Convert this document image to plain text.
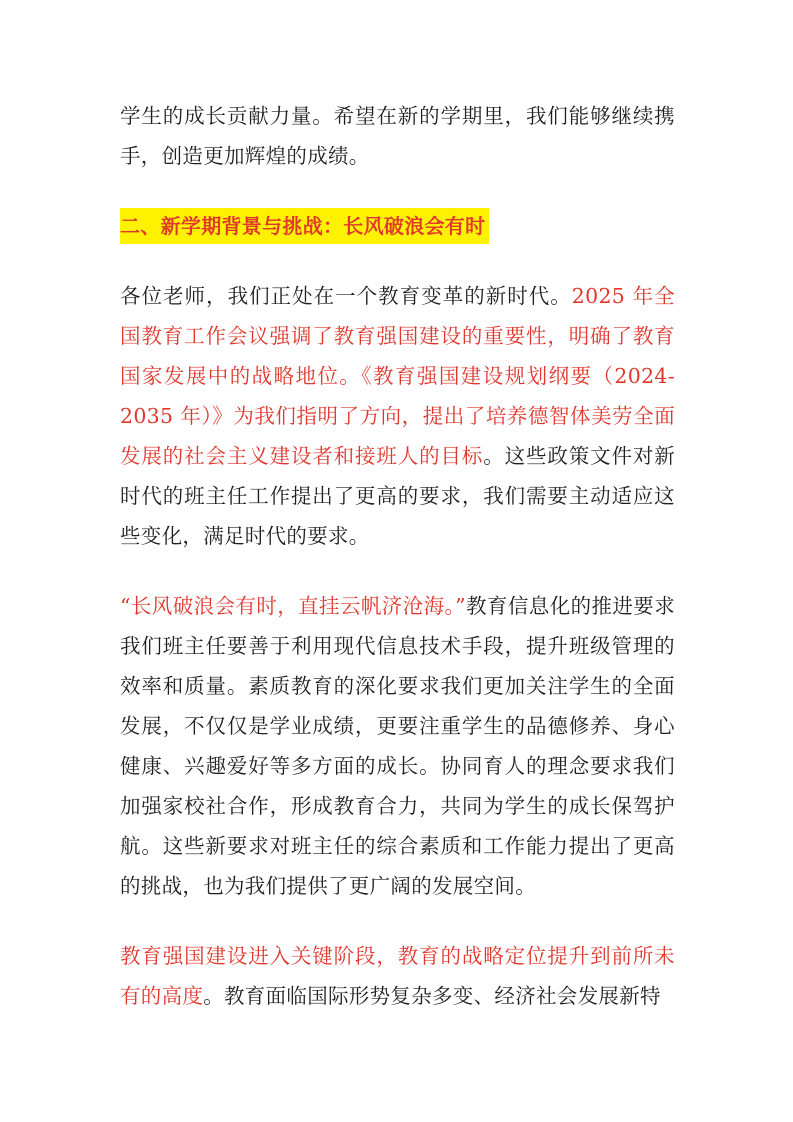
学生的成长贡献力量。希望在新的学期里，我们能够继续携手，创造更加辉煌的成绩。

二、新学期背景与挑战：长风破浪会有时

各位老师，我们正处在一个教育变革的新时代。2025 年全国教育工作会议强调了教育强国建设的重要性，明确了教育国家发展中的战略地位。《教育强国建设规划纲要（2024-2035 年）》为我们指明了方向，提出了培养德智体美劳全面发展的社会主义建设者和接班人的目标。这些政策文件对新时代的班主任工作提出了更高的要求，我们需要主动适应这些变化，满足时代的要求。

“长风破浪会有时，直挂云帆济沧海。”教育信息化的推进要求我们班主任要善于利用现代信息技术手段，提升班级管理的效率和质量。素质教育的深化要求我们更加关注学生的全面发展，不仅仅是学业成绩，更要注重学生的品德修养、身心健康、兴趣爱好等多方面的成长。协同育人的理念要求我们加强家校社合作，形成教育合力，共同为学生的成长保驾护航。这些新要求对班主任的综合素质和工作能力提出了更高的挑战，也为我们提供了更广阔的发展空间。

教育强国建设进入关键阶段，教育的战略定位提升到前所未有的高度。教育面临国际形势复杂多变、经济社会发展新特
